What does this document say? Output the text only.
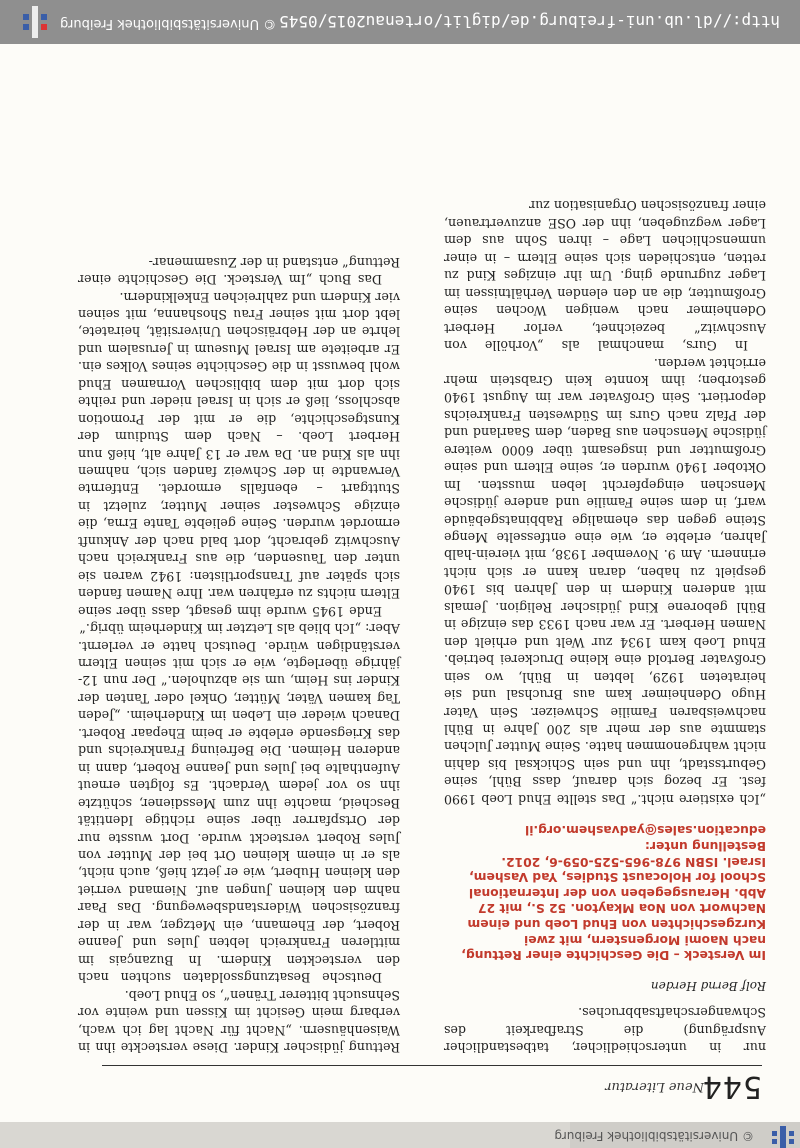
© Universitätsbibliothek Freiburg
544
Neue Literatur

nur in unterschiedlicher, tatbestandlicher Ausprägung) die Strafbarkeit des Schwangerschaftsabbruches.

Rolf Bernd Herden
Im Versteck – Die Geschichte einer Rettung, nach Naomi Morgenstern, mit zwei Kurzgeschichten von Ehud Loeb und einem Nachwort von Noa Mkayton. 52 S., mit 27 Abb. Herausgegeben von der International School for Holocaust Studies, Yad Vashem, Israel. ISBN 978-965-525-059-6, 2012. Bestellung unter: education.sales@yadvashem.org.il

„Ich existiere nicht.“ Das stellte Ehud Loeb 1990 fest. Er bezog sich darauf, dass Bühl, seine Geburtsstadt, ihn und sein Schicksal bis dahin nicht wahrgenommen hatte. Seine Mutter Julchen stammte aus der mehr als 200 Jahre in Bühl nachweisbaren Familie Schweizer. Sein Vater Hugo Odenheimer kam aus Bruchsal und sie heirateten 1929, lebten in Bühl, wo sein Großvater Bertold eine kleine Druckerei betrieb. Ehud Loeb kam 1934 zur Welt und erhielt den Namen Herbert. Er war nach 1933 das einzige in Bühl geborene Kind jüdischer Religion. Jemals mit anderen Kindern in den Jahren bis 1940 gespielt zu haben, daran kann er sich nicht erinnern. Am 9. November 1938, mit vierein-halb Jahren, erlebte er, wie eine entfesselte Menge Steine gegen das ehemalige Rabbinatsgebäude warf, in dem seine Familie und andere jüdische Menschen eingepfercht leben mussten. Im Oktober 1940 wurden er, seine Eltern und seine Großmutter und insgesamt über 6000 weitere jüdische Menschen aus Baden, dem Saarland und der Pfalz nach Gurs im Südwesten Frankreichs deportiert. Sein Großvater war im August 1940 gestorben; ihm konnte kein Grabstein mehr errichtet werden.

In Gurs, manchmal als „Vorhölle von Auschwitz“ bezeichnet, verlor Herbert Odenheimer nach wenigen Wochen seine Großmutter, die an den elenden Verhältnissen im Lager zugrunde ging. Um ihr einziges Kind zu retten, entschieden sich seine Eltern – in einer unmenschlichen Lage – ihren Sohn aus dem Lager wegzugeben, ihn der OSE anzuvertrauen, einer französischen Organisation zur

Rettung jüdischer Kinder. Diese versteckte ihn in Waisenhäusern. „Nacht für Nacht lag ich wach, verbarg mein Gesicht im Kissen und weinte vor Sehnsucht bitterer Tränen“, so Ehud Loeb.

Deutsche Besatzungssoldaten suchten nach den versteckten Kindern. In Buzançais im mittleren Frankreich lebten Jules und Jeanne Robert, der Ehemann, ein Metzger, war in der französischen Widerstandsbewegung. Das Paar nahm den kleinen Jungen auf. Niemand verriet den kleinen Hubert, wie er jetzt hieß, auch nicht, als er in einem kleinen Ort bei der Mutter von Jules Robert versteckt wurde. Dort wusste nur der Ortspfarrer über seine richtige Identität Bescheid, machte ihn zum Messdiener, schützte ihn so vor jedem Verdacht. Es folgten erneut Aufenthalte bei Jules und Jeanne Robert, dann in anderen Heimen. Die Befreiung Frankreichs und das Kriegsende erlebte er beim Ehepaar Robert. Danach wieder ein Leben im Kinderheim. „Jeden Tag kamen Väter, Mütter, Onkel oder Tanten der Kinder ins Heim, um sie abzuholen.“ Der nun 12-jährige überlegte, wie er sich mit seinen Eltern verständigen würde. Deutsch hatte er verlernt. Aber: „Ich blieb als Letzter im Kinderheim übrig.“

Ende 1945 wurde ihm gesagt, dass über seine Eltern nichts zu erfahren war. Ihre Namen fanden sich später auf Transportlisten: 1942 waren sie unter den Tausenden, die aus Frankreich nach Auschwitz gebracht, dort bald nach der Ankunft ermordet wurden. Seine geliebte Tante Erna, die einzige Schwester seiner Mutter, zuletzt in Stuttgart – ebenfalls ermordet. Entfernte Verwandte in der Schweiz fanden sich, nahmen ihn als Kind an. Da war er 13 Jahre alt, hieß nun Herbert Loeb. – Nach dem Studium der Kunstgeschichte, die er mit der Promotion abschloss, ließ er sich in Israel nieder und reihte sich dort mit dem biblischen Vornamen Ehud wohl bewusst in die Geschichte seines Volkes ein. Er arbeitete am Israel Museum in Jerusalem und lehrte an der Hebräischen Universität, heiratete, lebt dort mit seiner Frau Shoshanna, mit seinen vier Kindern und zahlreichen Enkelkindern.

Das Buch „Im Versteck. Die Geschichte einer Rettung“ entstand in der Zusammenar-

http://dl.ub.uni-freiburg.de/diglit/ortenau2015/0545
© Universitätsbibliothek Freiburg
